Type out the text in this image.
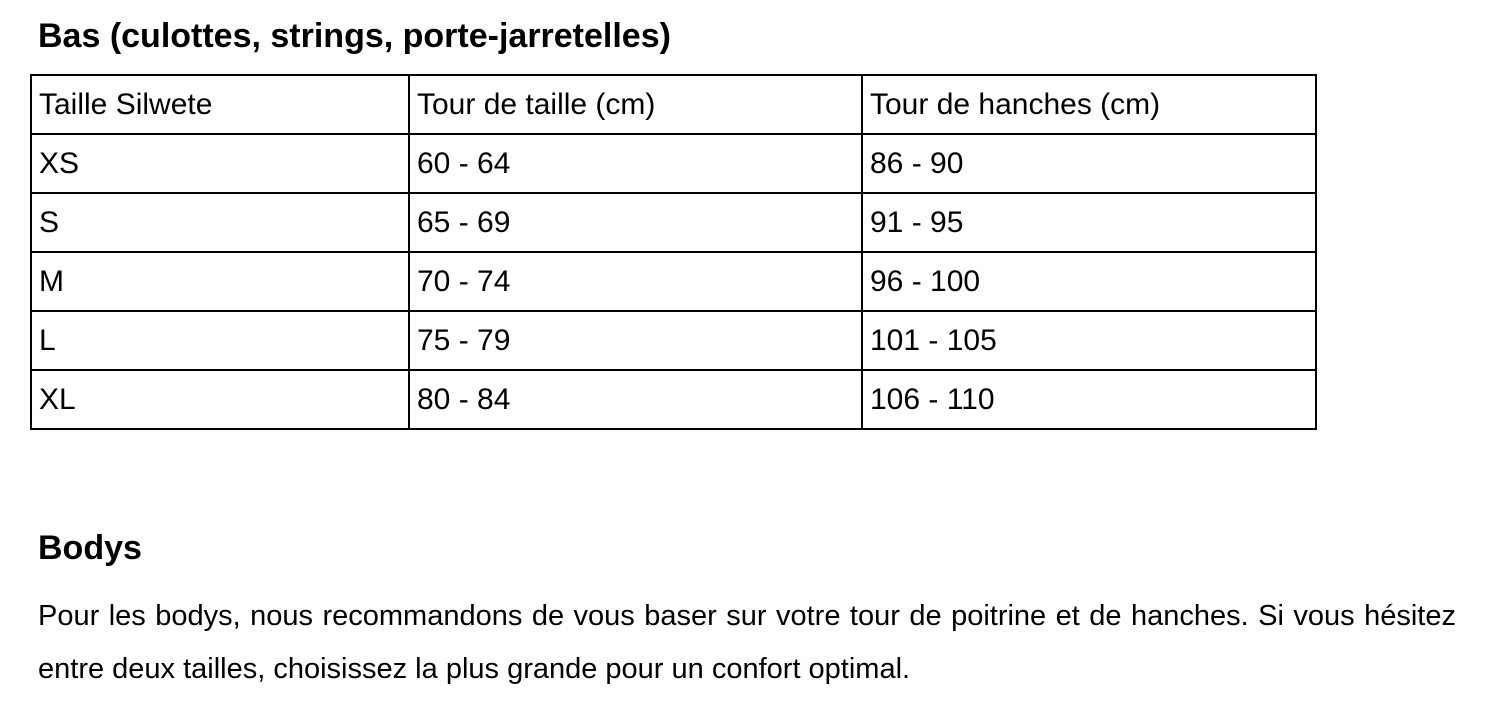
Bas (culottes, strings, porte-jarretelles)
Taille Silwete	Tour de taille (cm)	Tour de hanches (cm)
XS	60 - 64	86 - 90
S	65 - 69	91 - 95
M	70 - 74	96 - 100
L	75 - 79	101 - 105
XL	80 - 84	106 - 110
Bodys

Pour les bodys, nous recommandons de vous baser sur votre tour de poitrine et de hanches. Si vous hésitez entre deux tailles, choisissez la plus grande pour un confort optimal.
